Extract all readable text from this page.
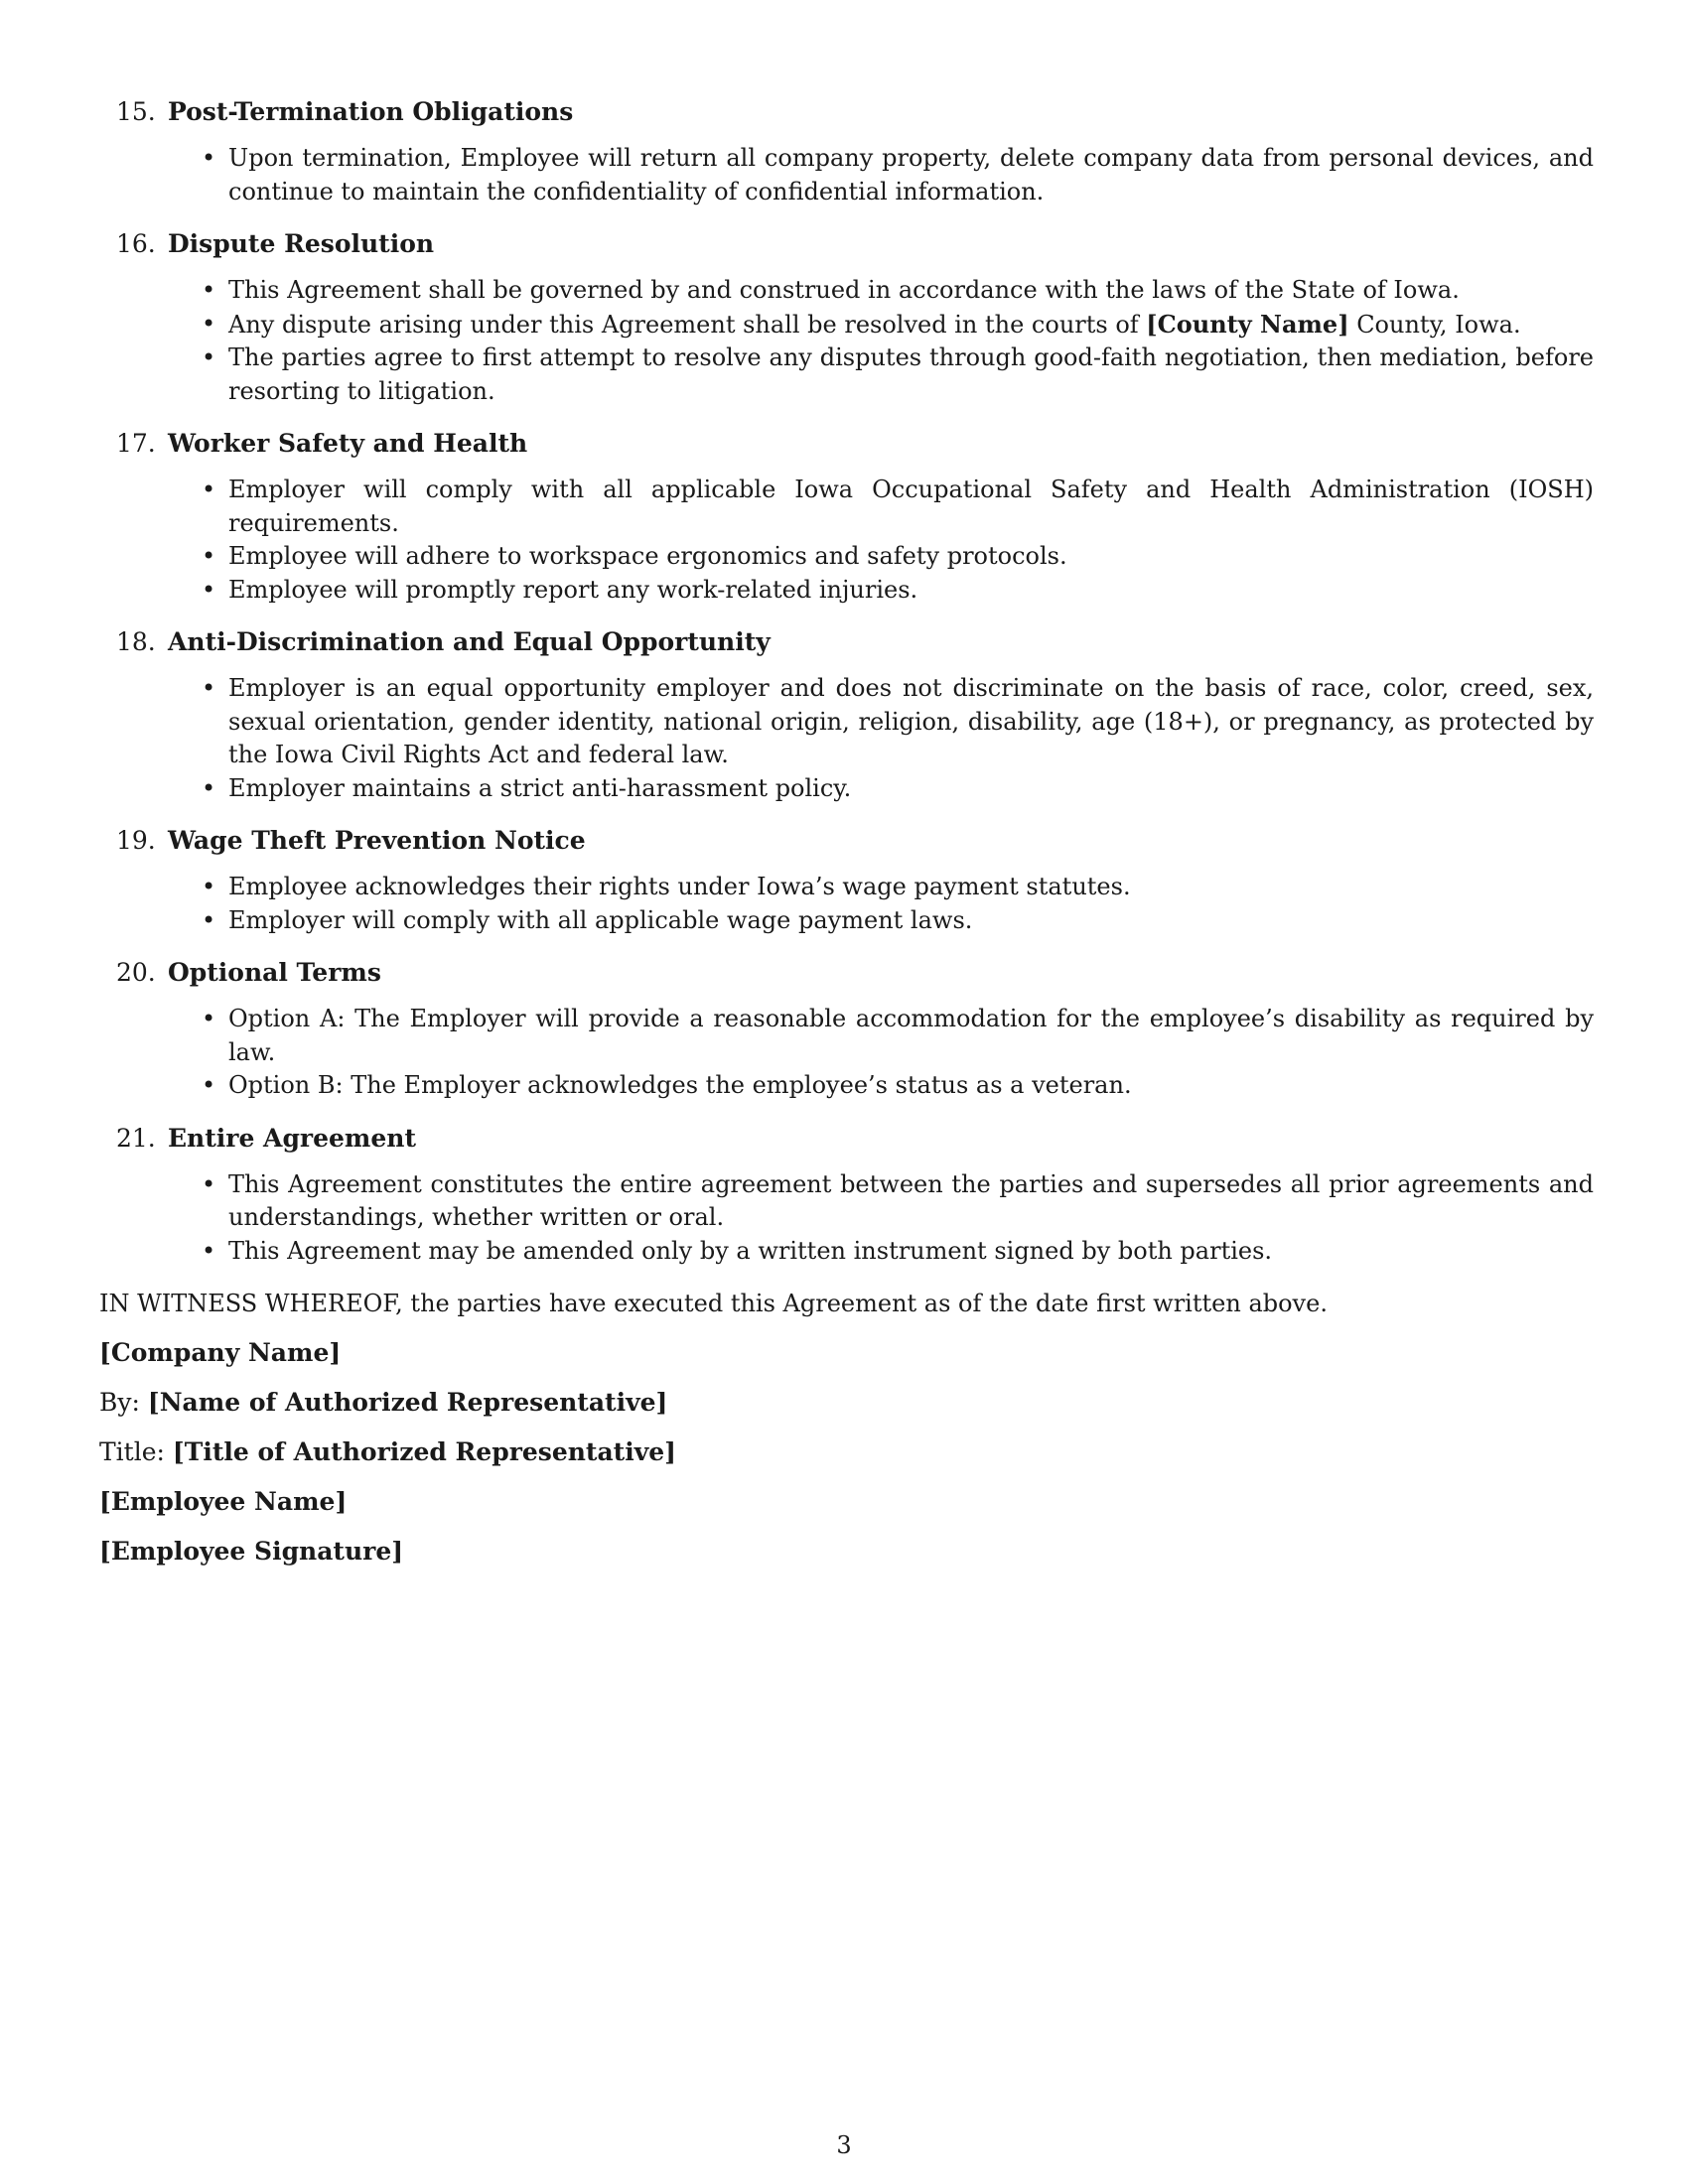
15. Post-Termination Obligations
• Upon termination, Employee will return all company property, delete company data from personal devices, and continue to maintain the confidentiality of confidential information.
16. Dispute Resolution
• This Agreement shall be governed by and construed in accordance with the laws of the State of Iowa.
• Any dispute arising under this Agreement shall be resolved in the courts of [County Name] County, Iowa.
• The parties agree to first attempt to resolve any disputes through good-faith negotiation, then mediation, before resorting to litigation.
17. Worker Safety and Health
• Employer will comply with all applicable Iowa Occupational Safety and Health Administration (IOSH) requirements.
• Employee will adhere to workspace ergonomics and safety protocols.
• Employee will promptly report any work-related injuries.
18. Anti-Discrimination and Equal Opportunity
• Employer is an equal opportunity employer and does not discriminate on the basis of race, color, creed, sex, sexual orientation, gender identity, national origin, religion, disability, age (18+), or pregnancy, as protected by the Iowa Civil Rights Act and federal law.
• Employer maintains a strict anti-harassment policy.
19. Wage Theft Prevention Notice
• Employee acknowledges their rights under Iowa’s wage payment statutes.
• Employer will comply with all applicable wage payment laws.
20. Optional Terms
• Option A: The Employer will provide a reasonable accommodation for the employee’s disability as required by law.
• Option B: The Employer acknowledges the employee’s status as a veteran.
21. Entire Agreement
• This Agreement constitutes the entire agreement between the parties and supersedes all prior agreements and understandings, whether written or oral.
• This Agreement may be amended only by a written instrument signed by both parties.

IN WITNESS WHEREOF, the parties have executed this Agreement as of the date first written above.

[Company Name]
By: [Name of Authorized Representative]
Title: [Title of Authorized Representative]
[Employee Name]
[Employee Signature]
3
